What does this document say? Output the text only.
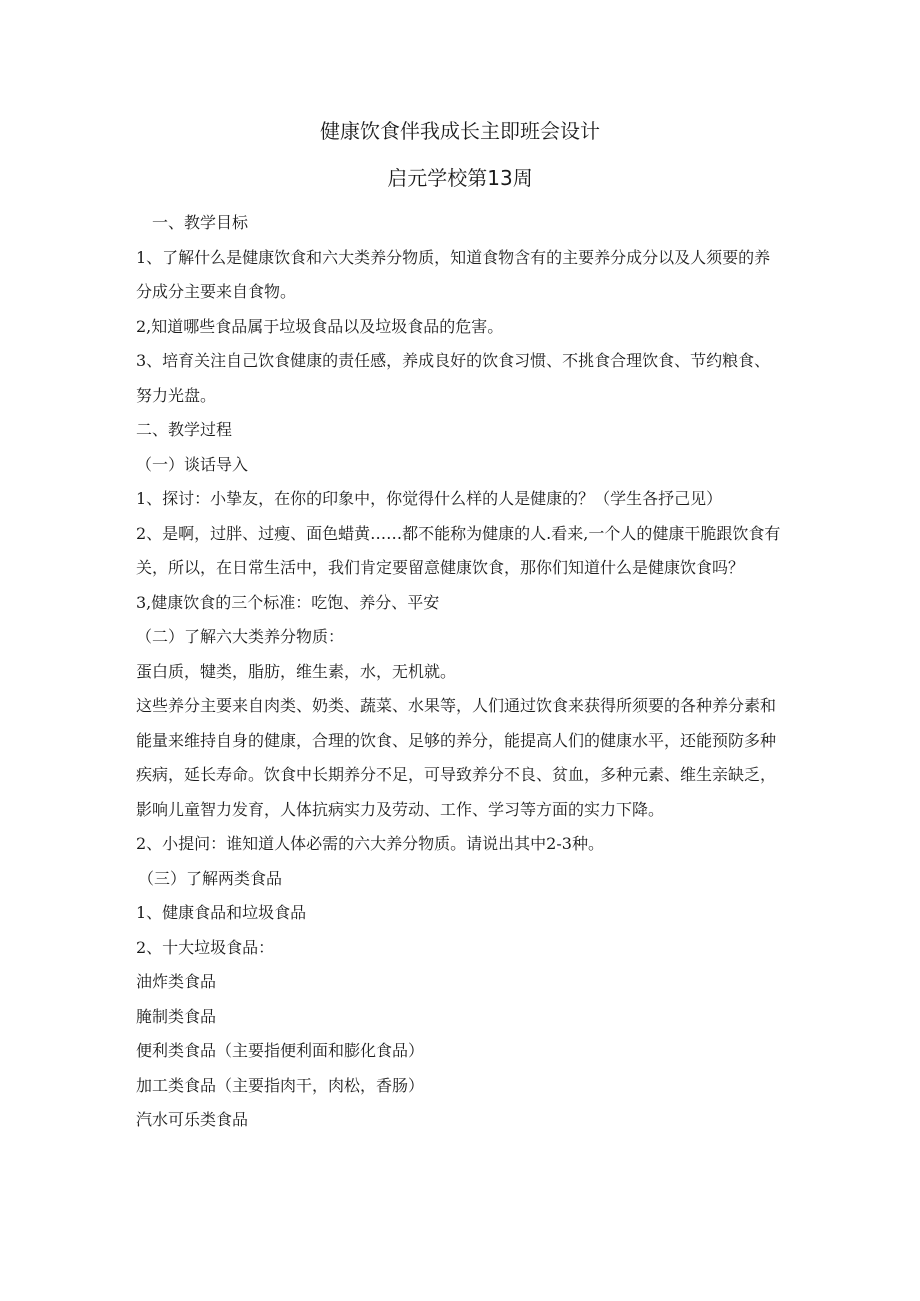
健康饮食伴我成长主即班会设计
启元学校第13周

一、教学目标

1、了解什么是健康饮食和六大类养分物质，知道食物含有的主要养分成分以及人须要的养分成分主要来自食物。

2,知道哪些食品属于垃圾食品以及垃圾食品的危害。

3、培育关注自己饮食健康的责任感，养成良好的饮食习惯、不挑食合理饮食、节约粮食、努力光盘。

二、教学过程

（一）谈话导入

1、探讨：小挚友，在你的印象中，你觉得什么样的人是健康的？（学生各抒己见）

2、是啊，过胖、过瘦、面色蜡黄……都不能称为健康的人.看来,一个人的健康干脆跟饮食有关，所以，在日常生活中，我们肯定要留意健康饮食，那你们知道什么是健康饮食吗？

3,健康饮食的三个标准：吃饱、养分、平安

（二）了解六大类养分物质：

蛋白质，犍类，脂肪，维生素，水，无机就。

这些养分主要来自肉类、奶类、蔬菜、水果等，人们通过饮食来获得所须要的各种养分素和能量来维持自身的健康，合理的饮食、足够的养分，能提高人们的健康水平，还能预防多种疾病，延长寿命。饮食中长期养分不足，可导致养分不良、贫血，多种元素、维生亲缺乏，影响儿童智力发育，人体抗病实力及劳动、工作、学习等方面的实力下降。

2、小提问：谁知道人体必需的六大养分物质。请说出其中2-3种。

（三）了解两类食品

1、健康食品和垃圾食品

2、十大垃圾食品：

油炸类食品

腌制类食品

便利类食品（主要指便利面和膨化食品）

加工类食品（主要指肉干，肉松，香肠）

汽水可乐类食品
